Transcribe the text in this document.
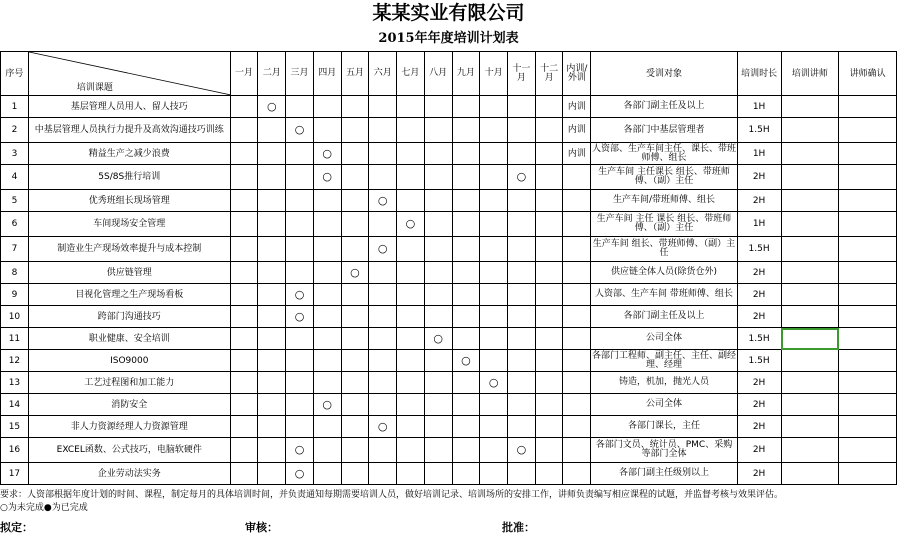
某某实业有限公司
2015年年度培训计划表
序号	培训课题	一月	二月	三月	四月	五月	六月	七月	八月	九月	十月	十一月	十二月	内训/外训	受训对象	培训时长	培训讲师	讲师确认
1	基层管理人员用人、留人技巧		○											内训	各部门副主任及以上	1H		
2	中基层管理人员执行力提升及高效沟通技巧训练			○										内训	各部门中基层管理者	1.5H		
3	精益生产之减少浪费				○									内训	人资部、生产车间主任、课长、带班师傅、组长	1H		
4	5S/8S推行培训				○							○			生产车间 主任课长 组长、带班师傅、（副）主任	2H		
5	优秀班组长现场管理						○								生产车间/带班师傅、组长	2H		
6	车间现场安全管理							○							生产车间 主任 课长 组长、带班师傅、（副）主任	1H		
7	制造业生产现场效率提升与成本控制						○								生产车间 组长、带班师傅、（副）主任	1.5H		
8	供应链管理					○									供应链全体人员(除货仓外)	2H		
9	目视化管理之生产现场看板			○											人资部、生产车间 带班师傅、组长	2H		
10	跨部门沟通技巧			○											各部门副主任及以上	2H		
11	职业健康、安全培训								○						公司全体	1.5H		
12	ISO9000									○					各部门工程师、副主任、主任、副经理、经理	1.5H		
13	工艺过程图和加工能力										○				铸造，机加，抛光人员	2H		
14	消防安全				○										公司全体	2H		
15	非人力资源经理人力资源管理						○								各部门课长，主任	2H		
16	EXCEL函数、公式技巧，电脑软硬件			○								○			各部门文员、统计员、PMC、采购等部门全体	2H		
17	企业劳动法实务			○											各部门副主任级别以上	2H		
要求：人资部根据年度计划的时间、课程，制定每月的具体培训时间，并负责通知每期需要培训人员，做好培训记录、培训场所的安排工作，讲师负责编写相应课程的试题，并监督考核与效果评估。
○为未完成●为已完成
拟定：	审核：	批准：
